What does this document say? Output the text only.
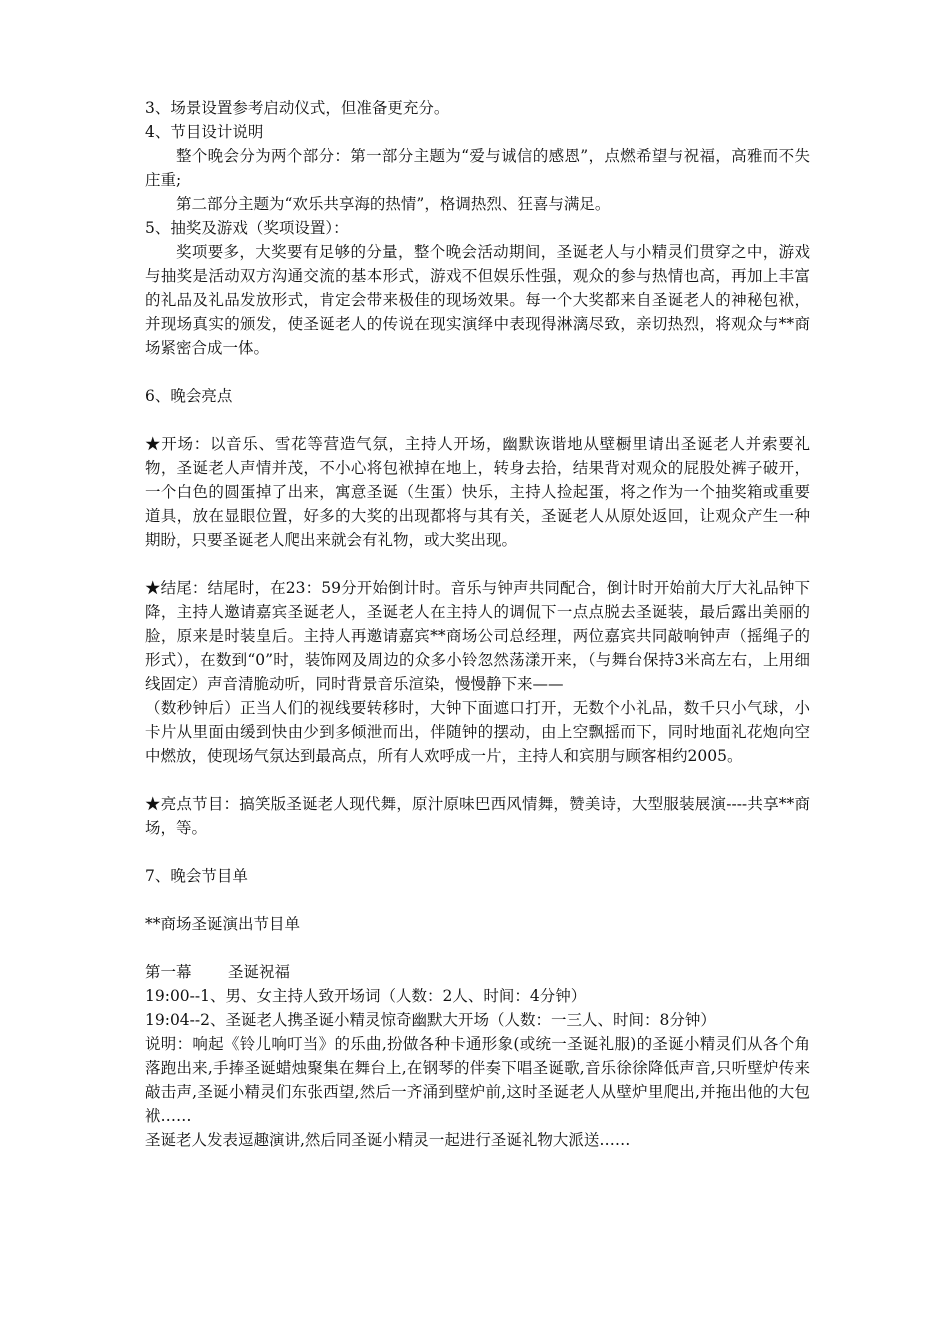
3、场景设置参考启动仪式，但准备更充分。

4、节目设计说明

整个晚会分为两个部分：第一部分主题为“爱与诚信的感恩”，点燃希望与祝福，高雅而不失庄重;

第二部分主题为“欢乐共享海的热情”，格调热烈、狂喜与满足。

5、抽奖及游戏（奖项设置）：

奖项要多，大奖要有足够的分量，整个晚会活动期间，圣诞老人与小精灵们贯穿之中，游戏与抽奖是活动双方沟通交流的基本形式，游戏不但娱乐性强，观众的参与热情也高，再加上丰富的礼品及礼品发放形式，肯定会带来极佳的现场效果。每一个大奖都来自圣诞老人的神秘包袱，并现场真实的颁发，使圣诞老人的传说在现实演绎中表现得淋漓尽致，亲切热烈，将观众与**商场紧密合成一体。

6、晚会亮点

★开场：以音乐、雪花等营造气氛，主持人开场，幽默诙谐地从壁橱里请出圣诞老人并索要礼物，圣诞老人声情并茂，不小心将包袱掉在地上，转身去拾，结果背对观众的屁股处裤子破开，一个白色的圆蛋掉了出来，寓意圣诞（生蛋）快乐，主持人捡起蛋，将之作为一个抽奖箱或重要道具，放在显眼位置，好多的大奖的出现都将与其有关，圣诞老人从原处返回，让观众产生一种期盼，只要圣诞老人爬出来就会有礼物，或大奖出现。

★结尾：结尾时，在23：59分开始倒计时。音乐与钟声共同配合，倒计时开始前大厅大礼品钟下降，主持人邀请嘉宾圣诞老人，圣诞老人在主持人的调侃下一点点脱去圣诞装，最后露出美丽的脸，原来是时装皇后。主持人再邀请嘉宾**商场公司总经理，两位嘉宾共同敲响钟声（摇绳子的形式），在数到“0”时，装饰网及周边的众多小铃忽然荡漾开来，（与舞台保持3米高左右，上用细线固定）声音清脆动听，同时背景音乐渲染，慢慢静下来——

（数秒钟后）正当人们的视线要转移时，大钟下面遮口打开，无数个小礼品，数千只小气球，小卡片从里面由缓到快由少到多倾泄而出，伴随钟的摆动，由上空飘摇而下，同时地面礼花炮向空中燃放，使现场气氛达到最高点，所有人欢呼成一片，主持人和宾朋与顾客相约2005。

★亮点节目：搞笑版圣诞老人现代舞，原汁原味巴西风情舞，赞美诗，大型服装展演----共享**商场，等。

7、晚会节目单

**商场圣诞演出节目单

第一幕 圣诞祝福

19:00--1、男、女主持人致开场词（人数：2人、时间：4分钟）

19:04--2、圣诞老人携圣诞小精灵惊奇幽默大开场（人数：一三人、时间：8分钟）

说明：响起《铃儿响叮当》的乐曲,扮做各种卡通形象(或统一圣诞礼服)的圣诞小精灵们从各个角落跑出来,手捧圣诞蜡烛聚集在舞台上,在钢琴的伴奏下唱圣诞歌,音乐徐徐降低声音,只听壁炉传来敲击声,圣诞小精灵们东张西望,然后一齐涌到壁炉前,这时圣诞老人从壁炉里爬出,并拖出他的大包袱……

圣诞老人发表逗趣演讲,然后同圣诞小精灵一起进行圣诞礼物大派送……
